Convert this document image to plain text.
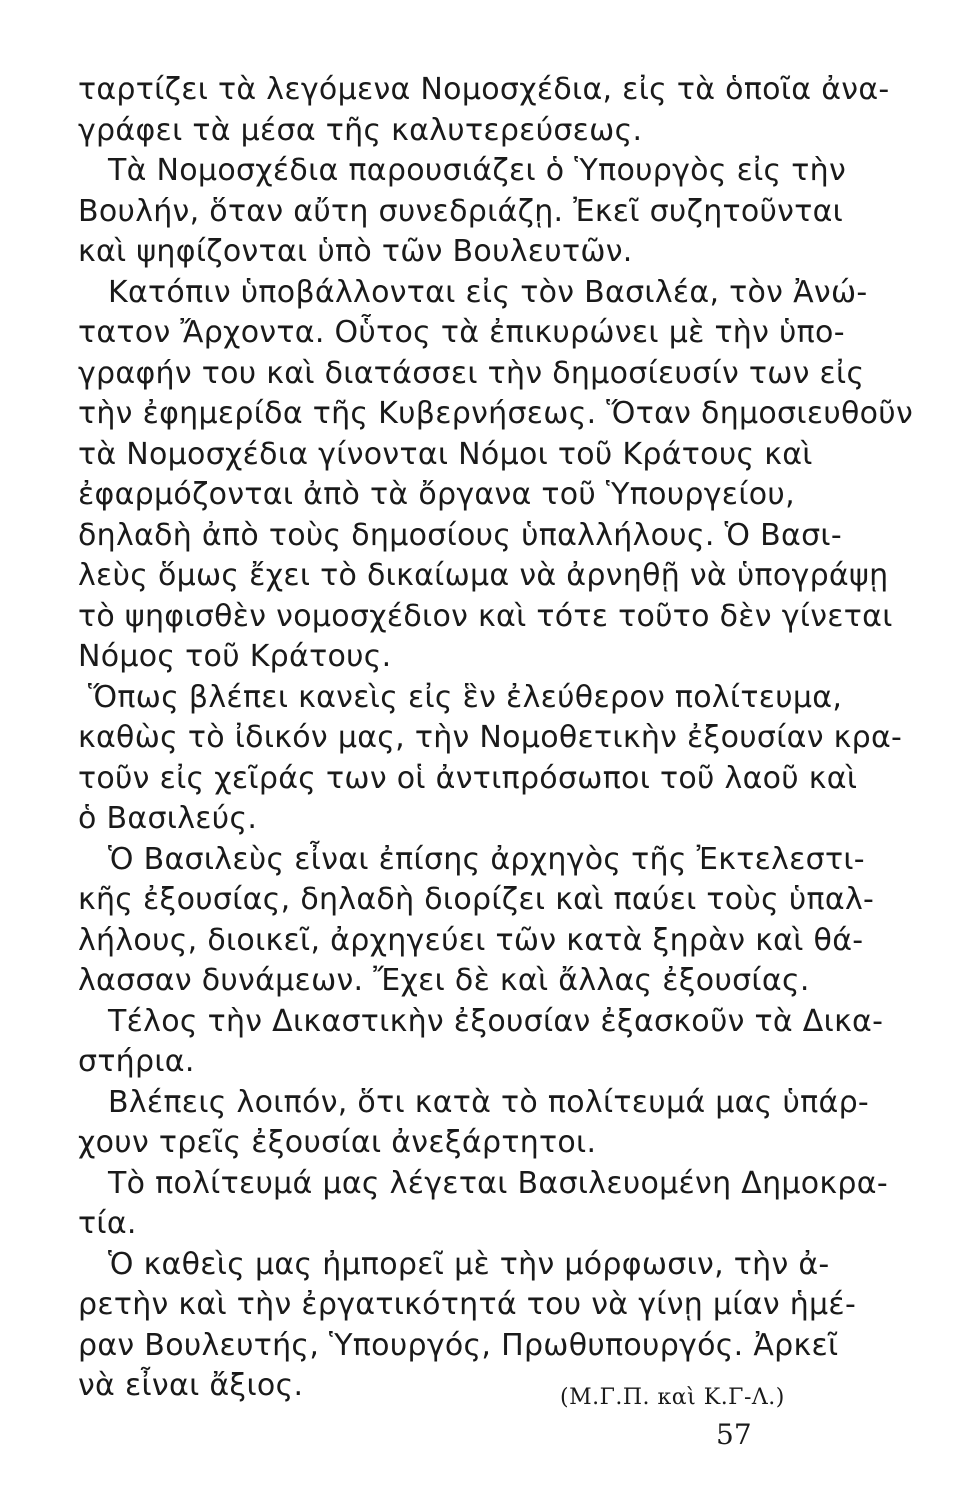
ταρτίζει τὰ λεγόμενα Νομοσχέδια, εἰς τὰ ὁποῖα ἀνα-
γράφει τὰ μέσα τῆς καλυτερεύσεως.
Τὰ Νομοσχέδια παρουσιάζει ὁ Ὑπουργὸς εἰς τὴν
Βουλήν, ὅταν αὔτη συνεδριάζῃ. Ἐκεῖ συζητοῦνται
καὶ ψηφίζονται ὑπὸ τῶν Βουλευτῶν.
Κατόπιν ὑποβάλλονται εἰς τὸν Βασιλέα, τὸν Ἀνώ-
τατον Ἄρχοντα. Οὗτος τὰ ἐπικυρώνει μὲ τὴν ὑπο-
γραφήν του καὶ διατάσσει τὴν δημοσίευσίν των εἰς
τὴν ἐφημερίδα τῆς Κυβερνήσεως. Ὅταν δημοσιευθοῦν
τὰ Νομοσχέδια γίνονται Νόμοι τοῦ Κράτους καὶ
ἐφαρμόζονται ἀπὸ τὰ ὄργανα τοῦ Ὑπουργείου,
δηλαδὴ ἀπὸ τοὺς δημοσίους ὑπαλλήλους. Ὁ Βασι-
λεὺς ὅμως ἔχει τὸ δικαίωμα νὰ ἀρνηθῇ νὰ ὑπογράψῃ
τὸ ψηφισθὲν νομοσχέδιον καὶ τότε τοῦτο δὲν γίνεται
Νόμος τοῦ Κράτους.
Ὅπως βλέπει κανεὶς εἰς ἓν ἐλεύθερον πολίτευμα,
καθὼς τὸ ἰδικόν μας, τὴν Νομοθετικὴν ἐξουσίαν κρα-
τοῦν εἰς χεῖράς των οἱ ἀντιπρόσωποι τοῦ λαοῦ καὶ
ὁ Βασιλεύς.
Ὁ Βασιλεὺς εἶναι ἐπίσης ἀρχηγὸς τῆς Ἐκτελεστι-
κῆς ἐξουσίας, δηλαδὴ διορίζει καὶ παύει τοὺς ὑπαλ-
λήλους, διοικεῖ, ἀρχηγεύει τῶν κατὰ ξηρὰν καὶ θά-
λασσαν δυνάμεων. Ἔχει δὲ καὶ ἄλλας ἐξουσίας.
Τέλος τὴν Δικαστικὴν ἐξουσίαν ἐξασκοῦν τὰ Δικα-
στήρια.
Βλέπεις λοιπόν, ὅτι κατὰ τὸ πολίτευμά μας ὑπάρ-
χουν τρεῖς ἐξουσίαι ἀνεξάρτητοι.
Τὸ πολίτευμά μας λέγεται Βασιλευομένη Δημοκρα-
τία.
Ὁ καθεὶς μας ἠμπορεῖ μὲ τὴν μόρφωσιν, τὴν ἀ-
ρετὴν καὶ τὴν ἐργατικότητά του νὰ γίνῃ μίαν ἡμέ-
ραν Βουλευτής, Ὑπουργός, Πρωθυπουργός. Ἀρκεῖ
νὰ εἶναι ἄξιος.	(Μ.Γ.Π. καὶ Κ.Γ-Λ.)
57
